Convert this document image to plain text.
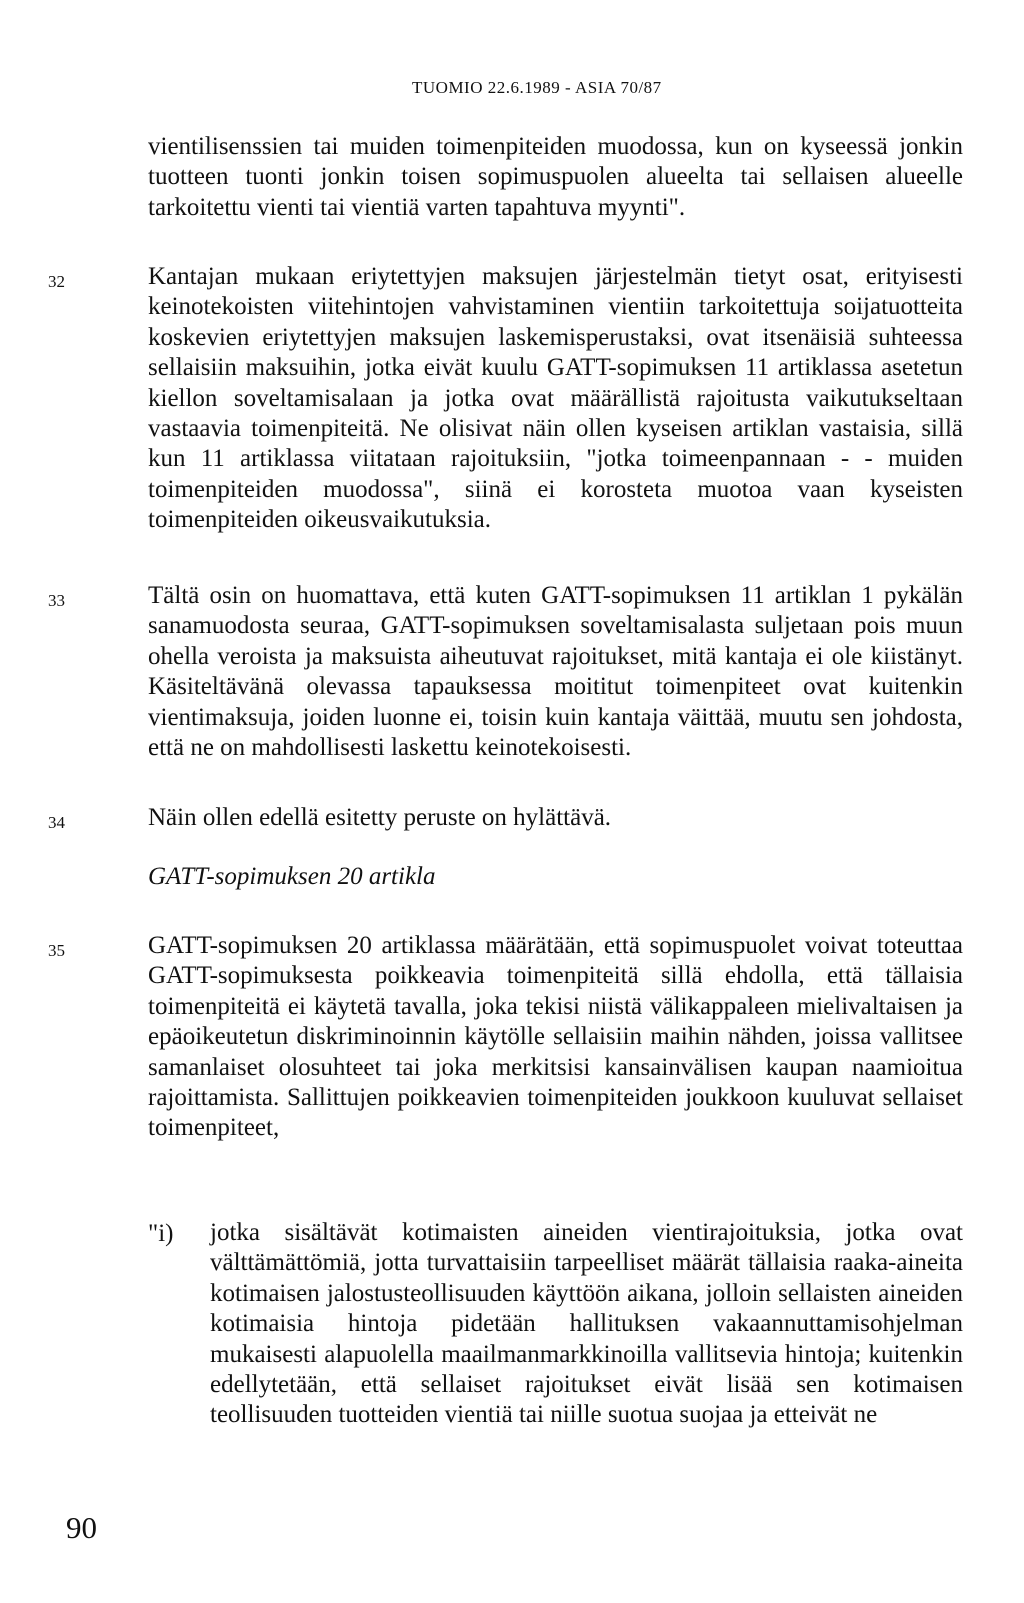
TUOMIO 22.6.1989 - ASIA 70/87

vientilisenssien tai muiden toimenpiteiden muodossa, kun on kyseessä jonkin tuotteen tuonti jonkin toisen sopimuspuolen alueelta tai sellaisen alueelle tarkoitettu vienti tai vientiä varten tapahtuva myynti".

32	Kantajan mukaan eriytettyjen maksujen järjestelmän tietyt osat, erityisesti keinotekoisten viitehintojen vahvistaminen vientiin tarkoitettuja soijatuotteita koskevien eriytettyjen maksujen laskemisperustaksi, ovat itsenäisiä suhteessa sellaisiin maksuihin, jotka eivät kuulu GATT-sopimuksen 11 artiklassa asetetun kiellon soveltamisalaan ja jotka ovat määrällistä rajoitusta vaikutukseltaan vastaavia toimenpiteitä. Ne olisivat näin ollen kyseisen artiklan vastaisia, sillä kun 11 artiklassa viitataan rajoituksiin, "jotka toimeenpannaan - - muiden toimenpiteiden muodossa", siinä ei korosteta muotoa vaan kyseisten toimenpiteiden oikeusvaikutuksia.

33	Tältä osin on huomattava, että kuten GATT-sopimuksen 11 artiklan 1 pykälän sanamuodosta seuraa, GATT-sopimuksen soveltamisalasta suljetaan pois muun ohella veroista ja maksuista aiheutuvat rajoitukset, mitä kantaja ei ole kiistänyt. Käsiteltävänä olevassa tapauksessa moititut toimenpiteet ovat kuitenkin vientimaksuja, joiden luonne ei, toisin kuin kantaja väittää, muutu sen johdosta, että ne on mahdollisesti laskettu keinotekoisesti.

34	Näin ollen edellä esitetty peruste on hylättävä.

GATT-sopimuksen 20 artikla
35	GATT-sopimuksen 20 artiklassa määrätään, että sopimuspuolet voivat toteuttaa GATT-sopimuksesta poikkeavia toimenpiteitä sillä ehdolla, että tällaisia toimenpiteitä ei käytetä tavalla, joka tekisi niistä välikappaleen mielivaltaisen ja epäoikeutetun diskriminoinnin käytölle sellaisiin maihin nähden, joissa vallitsee samanlaiset olosuhteet tai joka merkitsisi kansainvälisen kaupan naamioitua rajoittamista. Sallittujen poikkeavien toimenpiteiden joukkoon kuuluvat sellaiset toimenpiteet,

"i) jotka sisältävät kotimaisten aineiden vientirajoituksia, jotka ovat välttämättömiä, jotta turvattaisiin tarpeelliset määrät tällaisia raaka-aineita kotimaisen jalostusteollisuuden käyttöön aikana, jolloin sellaisten aineiden kotimaisia hintoja pidetään hallituksen vakaannuttamisohjelman mukaisesti alapuolella maailmanmarkkinoilla vallitsevia hintoja; kuitenkin edellytetään, että sellaiset rajoitukset eivät lisää sen kotimaisen teollisuuden tuotteiden vientiä tai niille suotua suojaa ja etteivät ne

90
